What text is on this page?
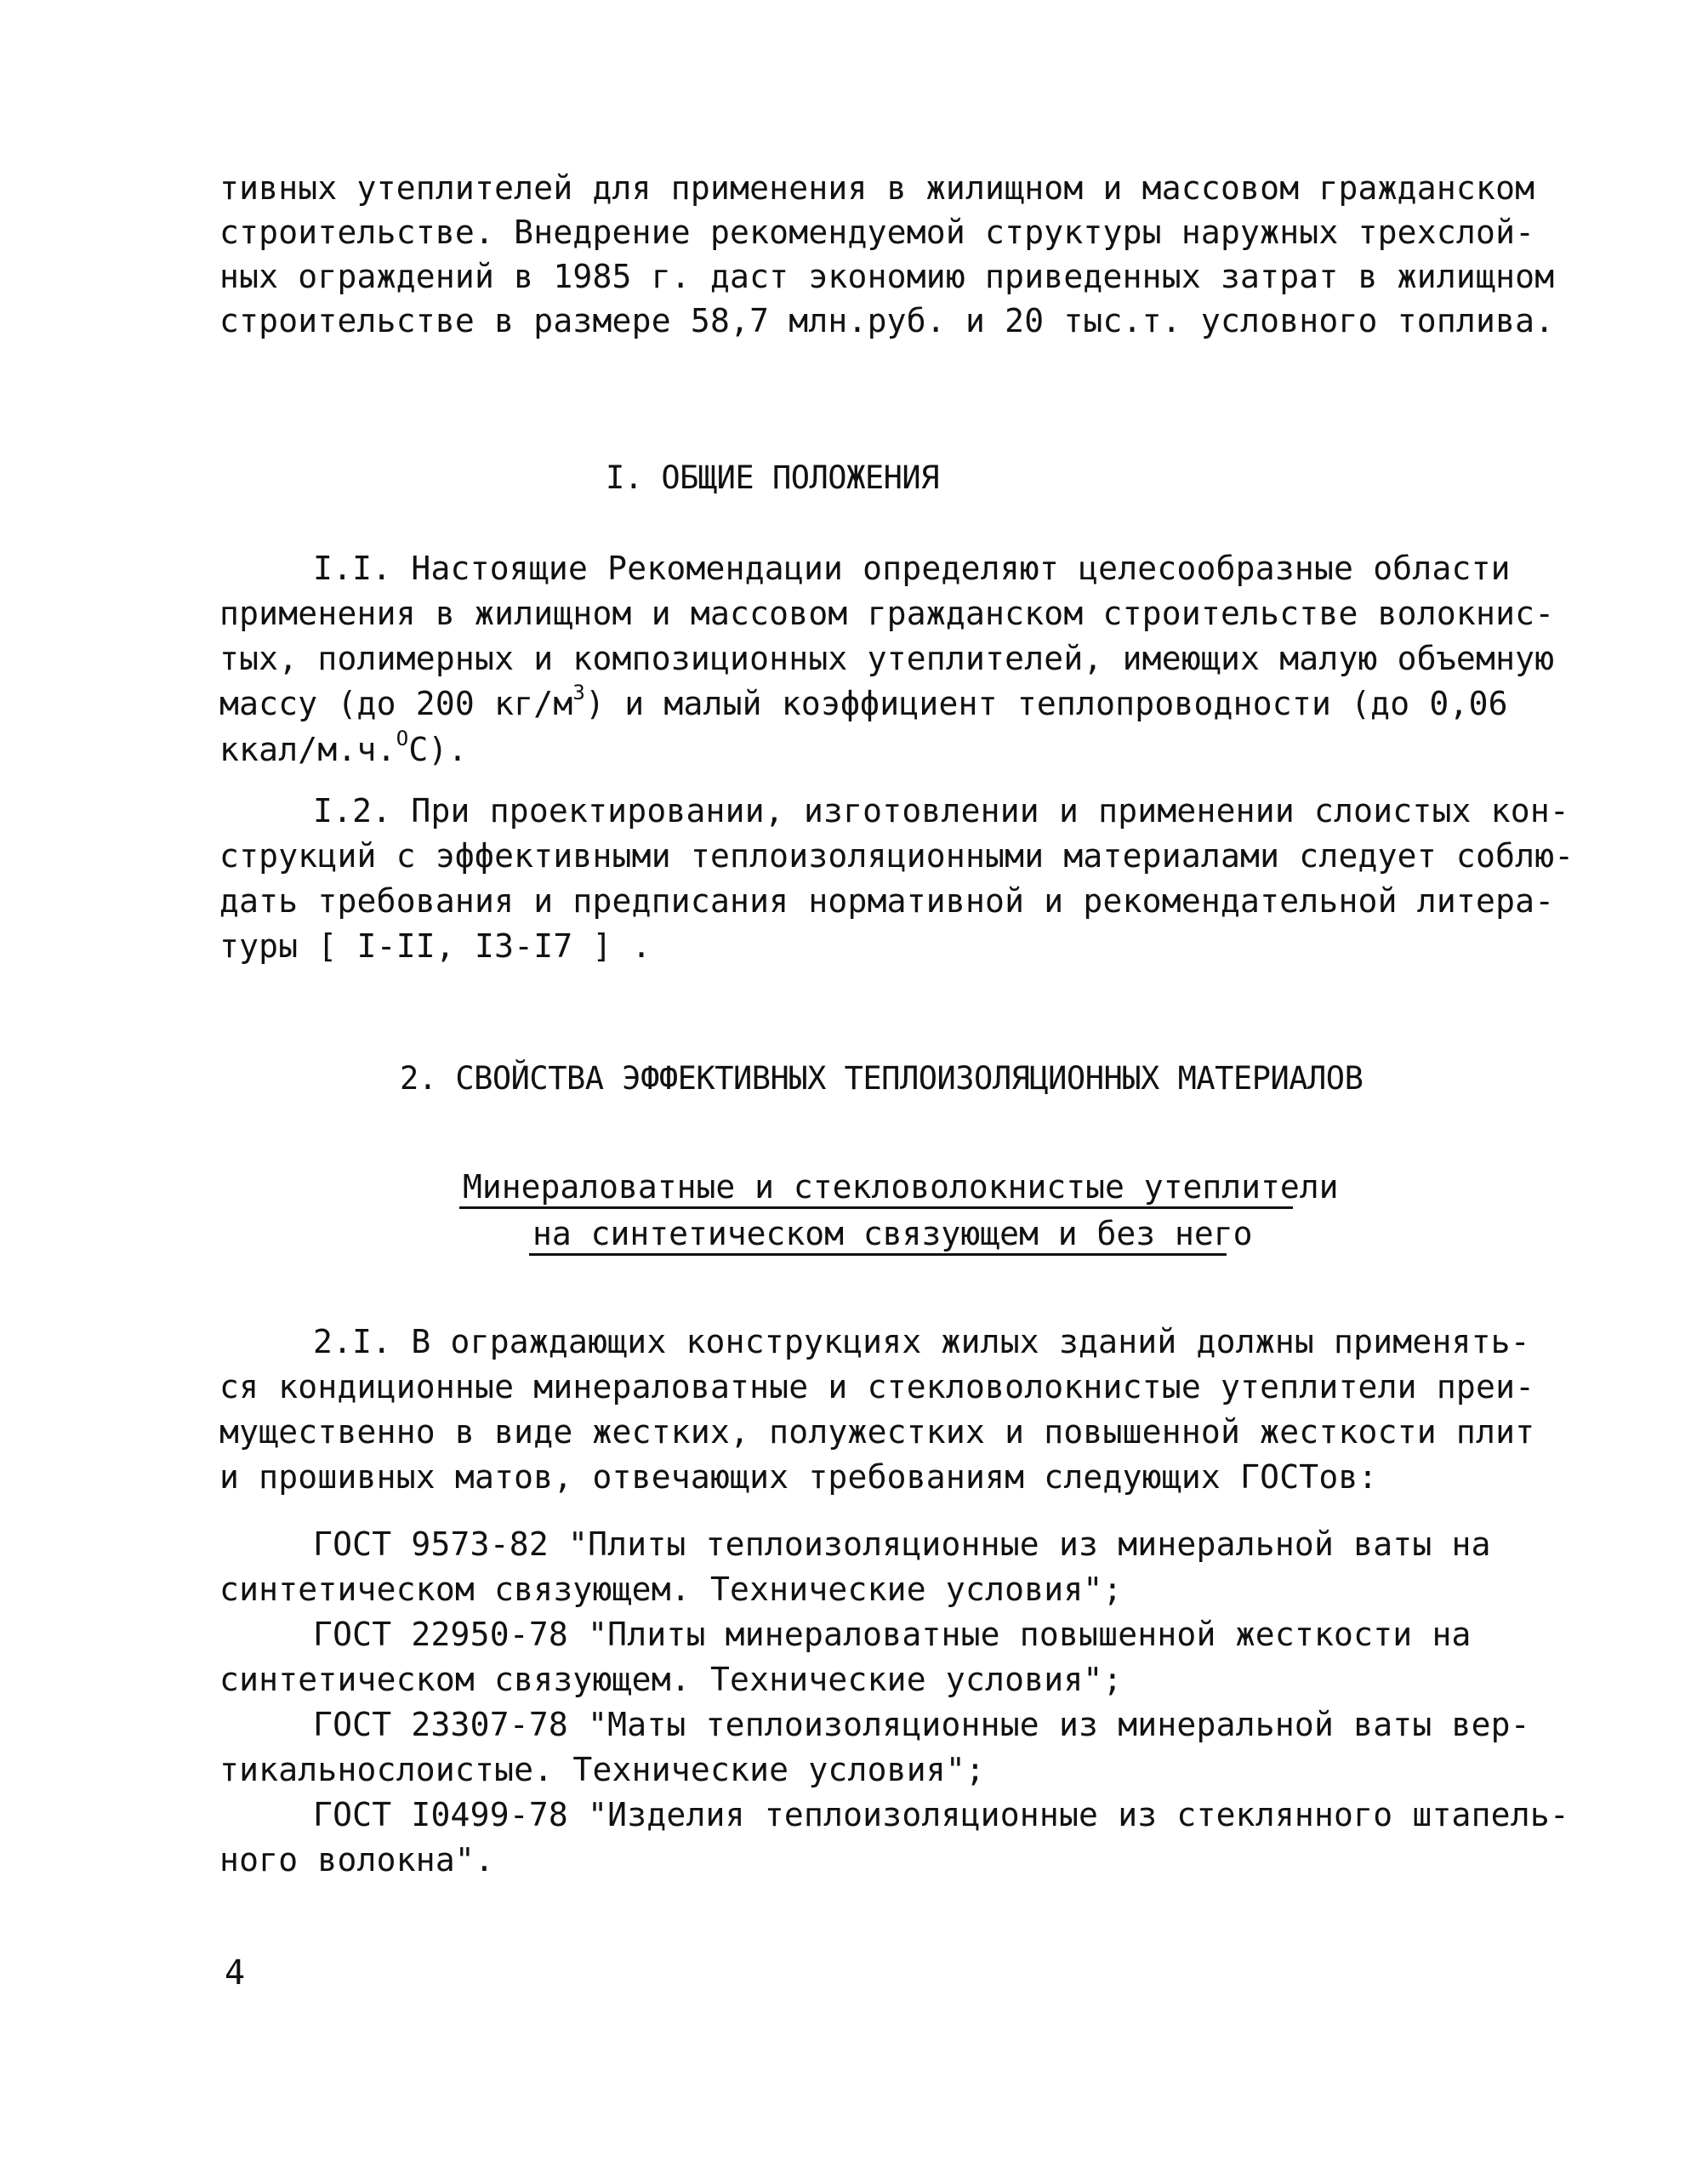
тивных утеплителей для применения в жилищном и массовом гражданском
строительстве. Внедрение рекомендуемой структуры наружных трехслой-
ных ограждений в 1985 г. даст экономию приведенных затрат в жилищном
строительстве в размере 58,7 млн.руб. и 20 тыс.т. условного топлива.
I. ОБЩИЕ ПОЛОЖЕНИЯ
I.I. Настоящие Рекомендации определяют целесообразные области
применения в жилищном и массовом гражданском строительстве волокнис-
тых, полимерных и композиционных утеплителей, имеющих малую объемную
массу (до 200 $кг/м^3$) и малый коэффициент теплопроводности (до 0,06
ккал/м.ч.$^О$С).
I.2. При проектировании, изготовлении и применении слоистых кон-
струкций с эффективными теплоизоляционными материалами следует соблю-
дать требования и предписания нормативной и рекомендательной литера-
туры [ I-II, I3-I7 ] .
2. СВОЙСТВА ЭФФЕКТИВНЫХ ТЕПЛОИЗОЛЯЦИОННЫХ МАТЕРИАЛОВ
Минераловатные и стекловолокнистые утеплители
на синтетическом связующем и без него
2.I. В ограждающих конструкциях жилых зданий должны применять-
ся кондиционные минераловатные и стекловолокнистые утеплители преи-
мущественно в виде жестких, полужестких и повышенной жесткости плит
и прошивных матов, отвечающих требованиям следующих ГОСТов:
ГОСТ 9573-82 "Плиты теплоизоляционные из минеральной ваты на
синтетическом связующем. Технические условия";
ГОСТ 22950-78 "Плиты минераловатные повышенной жесткости на
синтетическом связующем. Технические условия";
ГОСТ 23307-78 "Маты теплоизоляционные из минеральной ваты вер-
тикальнослоистые. Технические условия";
ГОСТ I0499-78 "Изделия теплоизоляционные из стеклянного штапель-
ного волокна".
4
